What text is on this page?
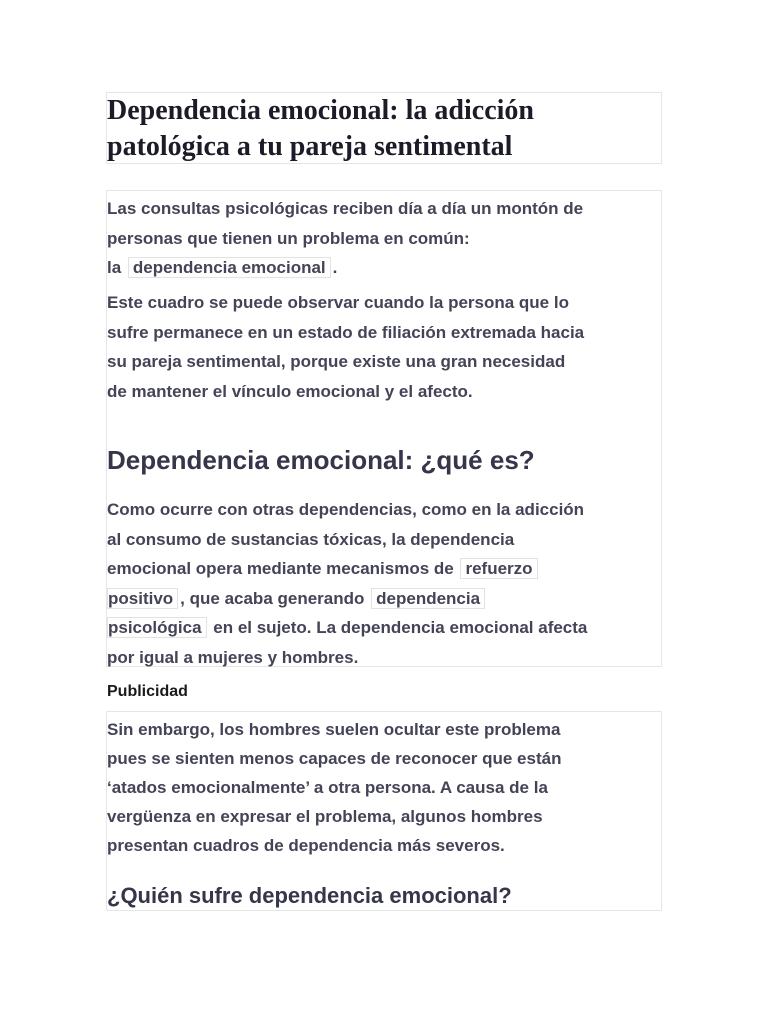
Dependencia emocional: la adicción
patológica a tu pareja sentimental
Las consultas psicológicas reciben día a día un montón de
personas que tienen un problema en común:
la dependencia emocional .
Este cuadro se puede observar cuando la persona que lo
sufre permanece en un estado de filiación extremada hacia
su pareja sentimental, porque existe una gran necesidad
de mantener el vínculo emocional y el afecto.
Dependencia emocional: ¿qué es?
Como ocurre con otras dependencias, como en la adicción
al consumo de sustancias tóxicas, la dependencia
emocional opera mediante mecanismos de refuerzo
positivo , que acaba generando dependencia
psicológica en el sujeto. La dependencia emocional afecta
por igual a mujeres y hombres.
Publicidad
Sin embargo, los hombres suelen ocultar este problema
pues se sienten menos capaces de reconocer que están
‘atados emocionalmente’ a otra persona. A causa de la
vergüenza en expresar el problema, algunos hombres
presentan cuadros de dependencia más severos.
¿Quién sufre dependencia emocional?
